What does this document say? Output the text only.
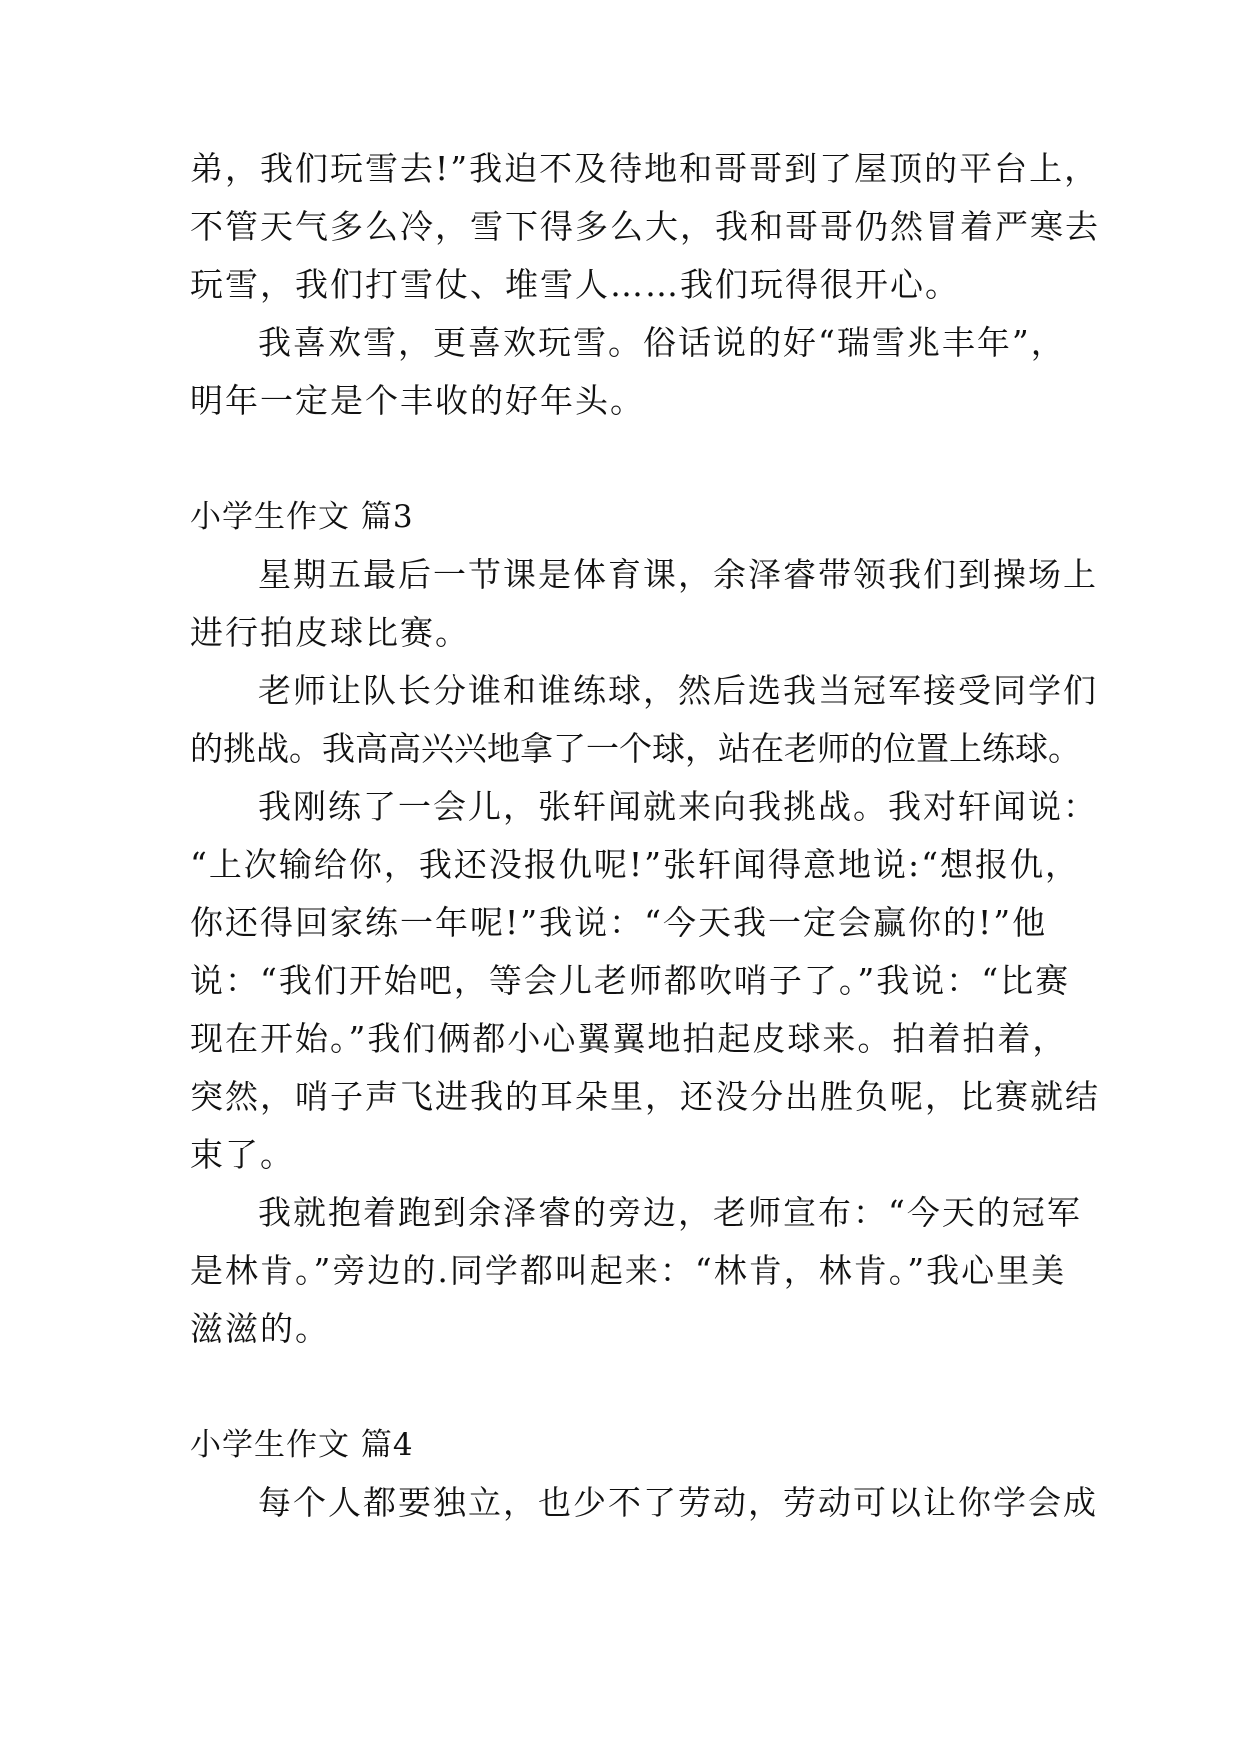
弟，我们玩雪去!”我迫不及待地和哥哥到了屋顶的平台上，
不管天气多么冷，雪下得多么大，我和哥哥仍然冒着严寒去
玩雪，我们打雪仗、堆雪人……我们玩得很开心。
我喜欢雪，更喜欢玩雪。俗话说的好“瑞雪兆丰年”，
明年一定是个丰收的好年头。
小学生作文 篇3
星期五最后一节课是体育课，余泽睿带领我们到操场上
进行拍皮球比赛。
老师让队长分谁和谁练球，然后选我当冠军接受同学们
的挑战。我高高兴兴地拿了一个球，站在老师的位置上练球。
我刚练了一会儿，张轩闻就来向我挑战。我对轩闻说：
“上次输给你，我还没报仇呢!”张轩闻得意地说:“想报仇，
你还得回家练一年呢!”我说：“今天我一定会赢你的!”他
说：“我们开始吧，等会儿老师都吹哨子了。”我说：“比赛
现在开始。”我们俩都小心翼翼地拍起皮球来。拍着拍着，
突然，哨子声飞进我的耳朵里，还没分出胜负呢，比赛就结
束了。
我就抱着跑到余泽睿的旁边，老师宣布：“今天的冠军
是林肯。”旁边的.同学都叫起来：“林肯，林肯。”我心里美
滋滋的。
小学生作文 篇4
每个人都要独立，也少不了劳动，劳动可以让你学会成
